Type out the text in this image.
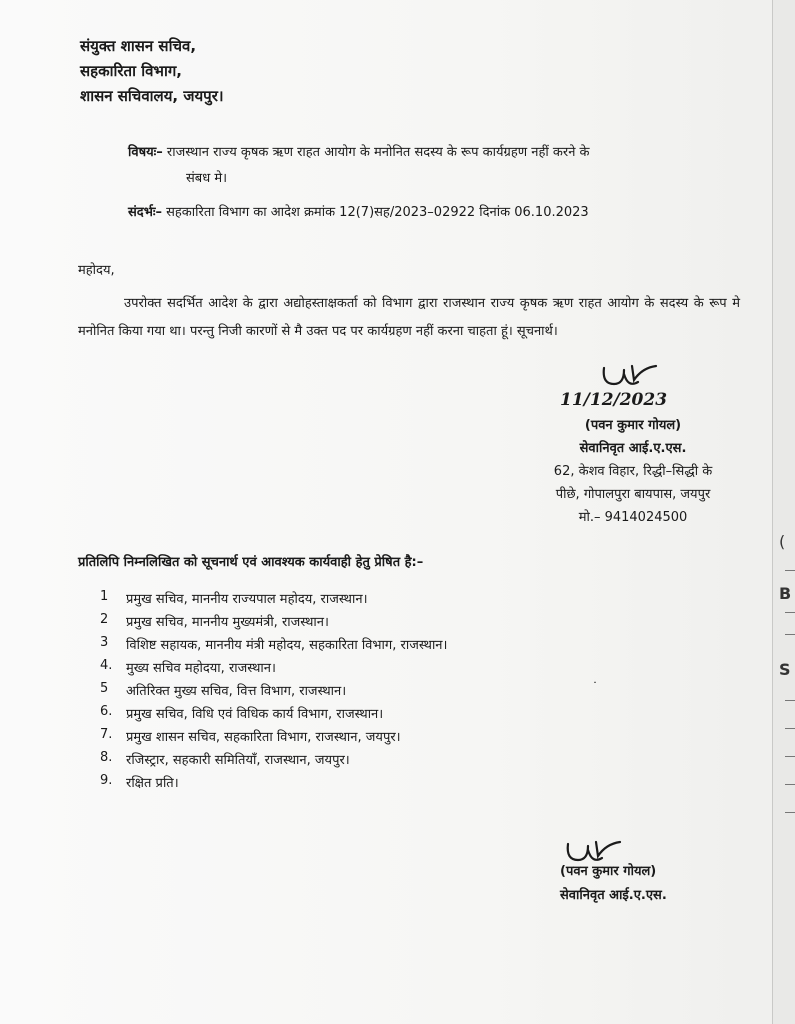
(
B
S
संयुक्त शासन सचिव,
सहकारिता विभाग,
शासन सचिवालय, जयपुर।
विषयः– राजस्थान राज्य कृषक ऋण राहत आयोग के मनोनित सदस्य के रूप कार्यग्रहण नहीं करने के
संबध मे।
संदर्भः– सहकारिता विभाग का आदेश क्रमांक 12(7)सह/2023–02922 दिनांक 06.10.2023
महोदय,
उपरोक्त सदर्भित आदेश के द्वारा अद्योहस्ताक्षकर्ता को विभाग द्वारा राजस्थान राज्य कृषक ऋण राहत आयोग के सदस्य के रूप मे मनोनित किया गया था। परन्तु निजी कारणों से मै उक्त पद पर कार्यग्रहण नहीं करना चाहता हूं। सूचनार्थ।
11/12/2023
(पवन कुमार गोयल)
सेवानिवृत आई.ए.एस.
62, केशव विहार, रिद्धी–सिद्धी के
पीछे, गोपालपुरा बायपास, जयपुर
मो.– 9414024500
प्रतिलिपि निम्नलिखित को सूचनार्थ एवं आवश्यक कार्यवाही हेतु प्रेषित है:–
1	प्रमुख सचिव, माननीय राज्यपाल महोदय, राजस्थान।
2	प्रमुख सचिव, माननीय मुख्यमंत्री, राजस्थान।
3	विशिष्ट सहायक, माननीय मंत्री महोदय, सहकारिता विभाग, राजस्थान।
4.	मुख्य सचिव महोदया, राजस्थान।
5	अतिरिक्त मुख्य सचिव, वित्त विभाग, राजस्थान।
6.	प्रमुख सचिव, विधि एवं विधिक कार्य विभाग, राजस्थान।
7.	प्रमुख शासन सचिव, सहकारिता विभाग, राजस्थान, जयपुर।
8.	रजिस्ट्रार, सहकारी समितियाँ, राजस्थान, जयपुर।
9.	रक्षित प्रति।
˙
(पवन कुमार गोयल)
सेवानिवृत आई.ए.एस.
